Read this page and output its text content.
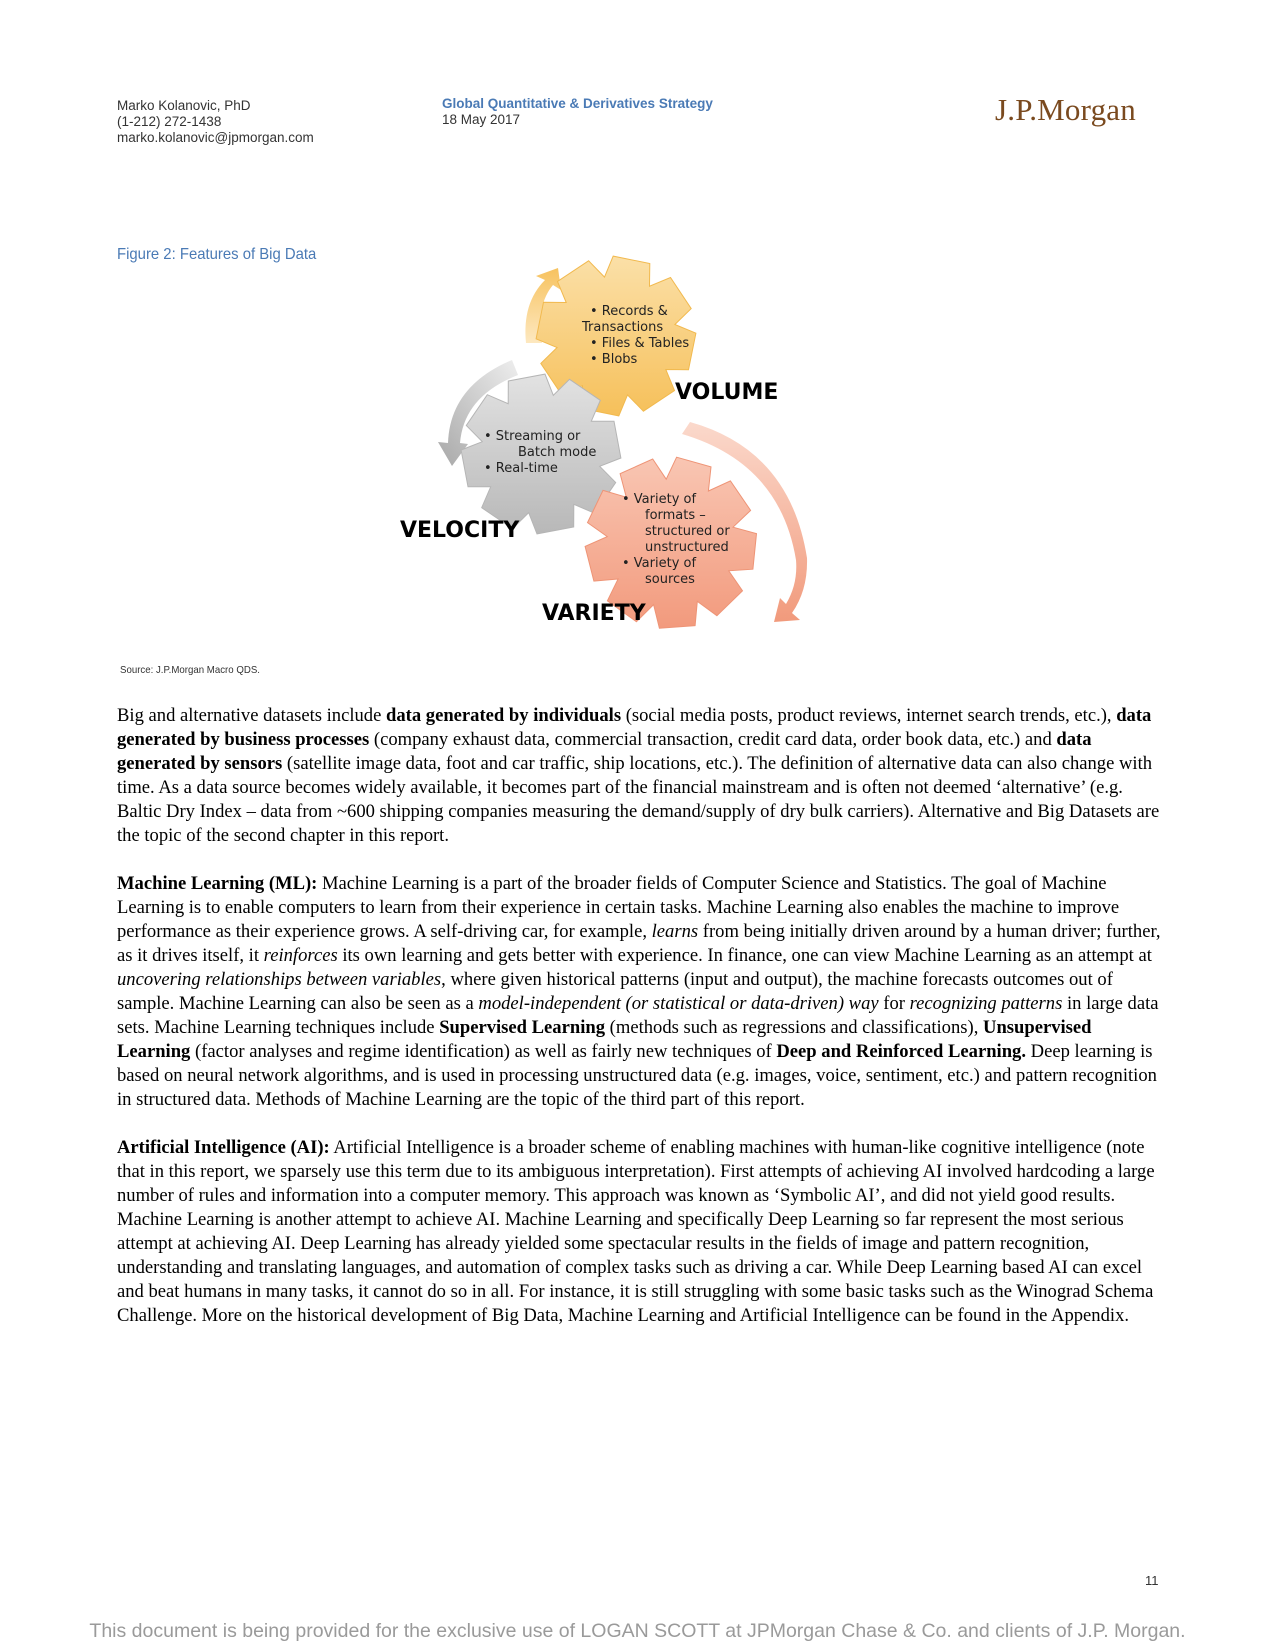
Marko Kolanovic, PhD
(1-212) 272-1438
marko.kolanovic@jpmorgan.com
Global Quantitative & Derivatives Strategy
18 May 2017	J.P.Morgan
Figure 2: Features of Big Data
• Records &
Transactions
• Files & Tables
• Blobs
VOLUME
• Streaming or
Batch mode
• Real-time
VELOCITY
• Variety of
formats –
structured or
unstructured
• Variety of
sources
VARIETY
Source: J.P.Morgan Macro QDS.

Big and alternative datasets include data generated by individuals (social media posts, product reviews, internet search trends, etc.), data generated by business processes (company exhaust data, commercial transaction, credit card data, order book data, etc.) and data generated by sensors (satellite image data, foot and car traffic, ship locations, etc.). The definition of alternative data can also change with time. As a data source becomes widely available, it becomes part of the financial mainstream and is often not deemed ‘alternative’ (e.g. Baltic Dry Index – data from ~600 shipping companies measuring the demand/supply of dry bulk carriers). Alternative and Big Datasets are the topic of the second chapter in this report.

Machine Learning (ML): Machine Learning is a part of the broader fields of Computer Science and Statistics. The goal of Machine Learning is to enable computers to learn from their experience in certain tasks. Machine Learning also enables the machine to improve performance as their experience grows. A self-driving car, for example, learns from being initially driven around by a human driver; further, as it drives itself, it reinforces its own learning and gets better with experience. In finance, one can view Machine Learning as an attempt at uncovering relationships between variables, where given historical patterns (input and output), the machine forecasts outcomes out of sample. Machine Learning can also be seen as a model-independent (or statistical or data-driven) way for recognizing patterns in large data sets. Machine Learning techniques include Supervised Learning (methods such as regressions and classifications), Unsupervised Learning (factor analyses and regime identification) as well as fairly new techniques of Deep and Reinforced Learning. Deep learning is based on neural network algorithms, and is used in processing unstructured data (e.g. images, voice, sentiment, etc.) and pattern recognition in structured data. Methods of Machine Learning are the topic of the third part of this report.

Artificial Intelligence (AI): Artificial Intelligence is a broader scheme of enabling machines with human-like cognitive intelligence (note that in this report, we sparsely use this term due to its ambiguous interpretation). First attempts of achieving AI involved hardcoding a large number of rules and information into a computer memory. This approach was known as ‘Symbolic AI’, and did not yield good results. Machine Learning is another attempt to achieve AI. Machine Learning and specifically Deep Learning so far represent the most serious attempt at achieving AI. Deep Learning has already yielded some spectacular results in the fields of image and pattern recognition, understanding and translating languages, and automation of complex tasks such as driving a car. While Deep Learning based AI can excel and beat humans in many tasks, it cannot do so in all. For instance, it is still struggling with some basic tasks such as the Winograd Schema Challenge. More on the historical development of Big Data, Machine Learning and Artificial Intelligence can be found in the Appendix.

11
This document is being provided for the exclusive use of LOGAN SCOTT at JPMorgan Chase & Co. and clients of J.P. Morgan.
